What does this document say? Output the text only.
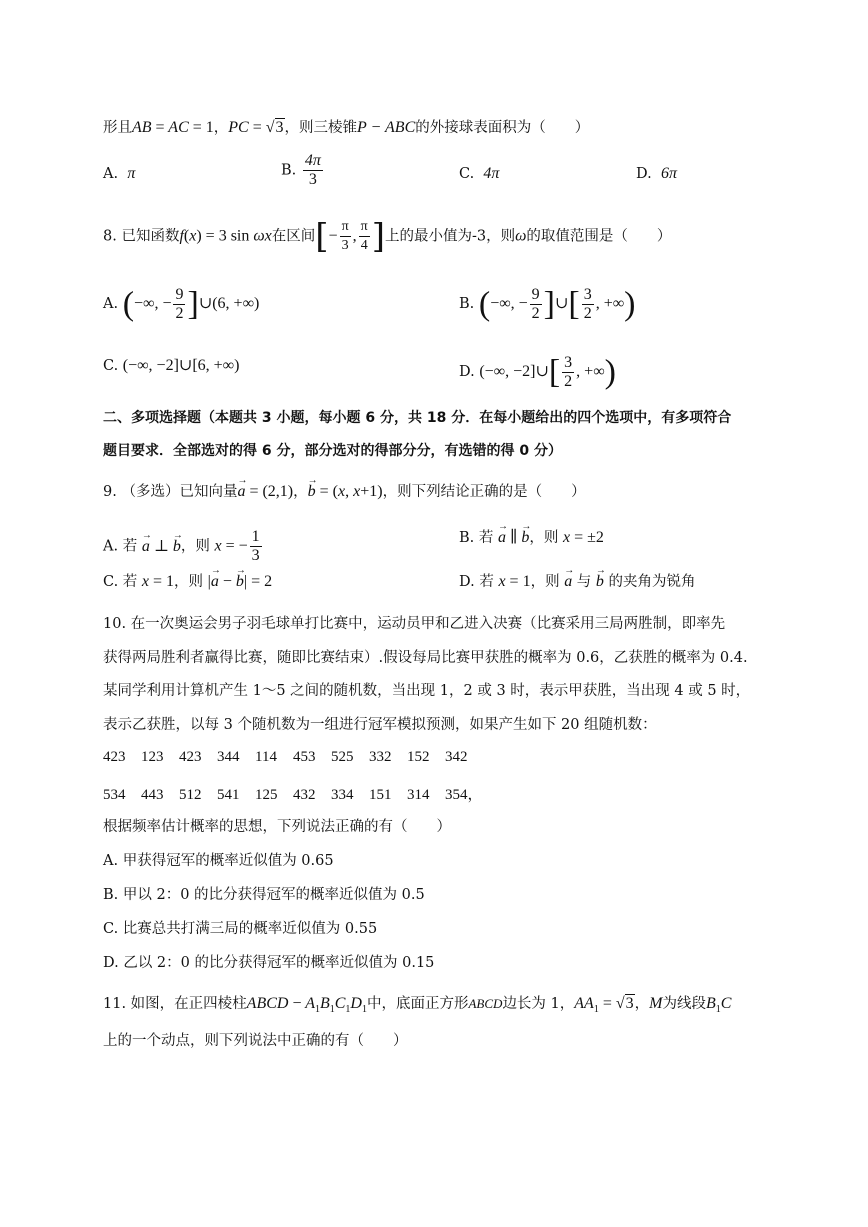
形且AB = AC = 1，PC = √3，则三棱锥P − ABC的外接球表面积为（　　）
A. π	B. $\frac{4\pi}{3}$	C. 4π	D. 6π
8. 已知函数f(x) = 3 sin ωx在区间[− $\frac{\pi}{3}$ , $\frac{\pi}{4}$ ]上的最小值为-3，则ω的取值范围是（　　）
A. (−∞, − $\frac{9}{2}$ ]∪(6, +∞)	B. (−∞, − $\frac{9}{2}$ ]∪[ $\frac{3}{2}$ , +∞)
C. (−∞, −2]∪[6, +∞)	D. (−∞, −2]∪[ $\frac{3}{2}$ , +∞)
二、多项选择题（本题共 3 小题，每小题 6 分，共 18 分．在每小题给出的四个选项中，有多项符合
题目要求．全部选对的得 6 分，部分选对的得部分分，有选错的得 0 分）
9. （多选）已知向量→ a = (2,1)，→ b = (x, x+1)，则下列结论正确的是（　　）
A. 若 → a ⊥ → b，则 x = − $\frac{1}{3}$	B. 若 → a ∥ → b，则 x = ±2
C. 若 x = 1，则 |→ a − → b| = 2	D. 若 x = 1，则 → a 与 → b 的夹角为锐角
10. 在一次奥运会男子羽毛球单打比赛中，运动员甲和乙进入决赛（比赛采用三局两胜制，即率先
获得两局胜利者赢得比赛，随即比赛结束）.假设每局比赛甲获胜的概率为 0.6，乙获胜的概率为 0.4.
某同学利用计算机产生 1～5 之间的随机数，当出现 1，2 或 3 时，表示甲获胜，当出现 4 或 5 时，
表示乙获胜，以每 3 个随机数为一组进行冠军模拟预测，如果产生如下 20 组随机数：
423 123 423 344 114 453 525 332 152 342
534 443 512 541 125 432 334 151 314 354，
根据频率估计概率的思想，下列说法正确的有（　　）
A. 甲获得冠军的概率近似值为 0.65
B. 甲以 2：0 的比分获得冠军的概率近似值为 0.5
C. 比赛总共打满三局的概率近似值为 0.55
D. 乙以 2：0 的比分获得冠军的概率近似值为 0.15
11. 如图，在正四棱柱ABCD − $A_1B_1C_1D_1$中，底面正方形ABCD边长为 1，$AA_1 = √3$，M为线段$B_1C$
上的一个动点，则下列说法中正确的有（　　）
